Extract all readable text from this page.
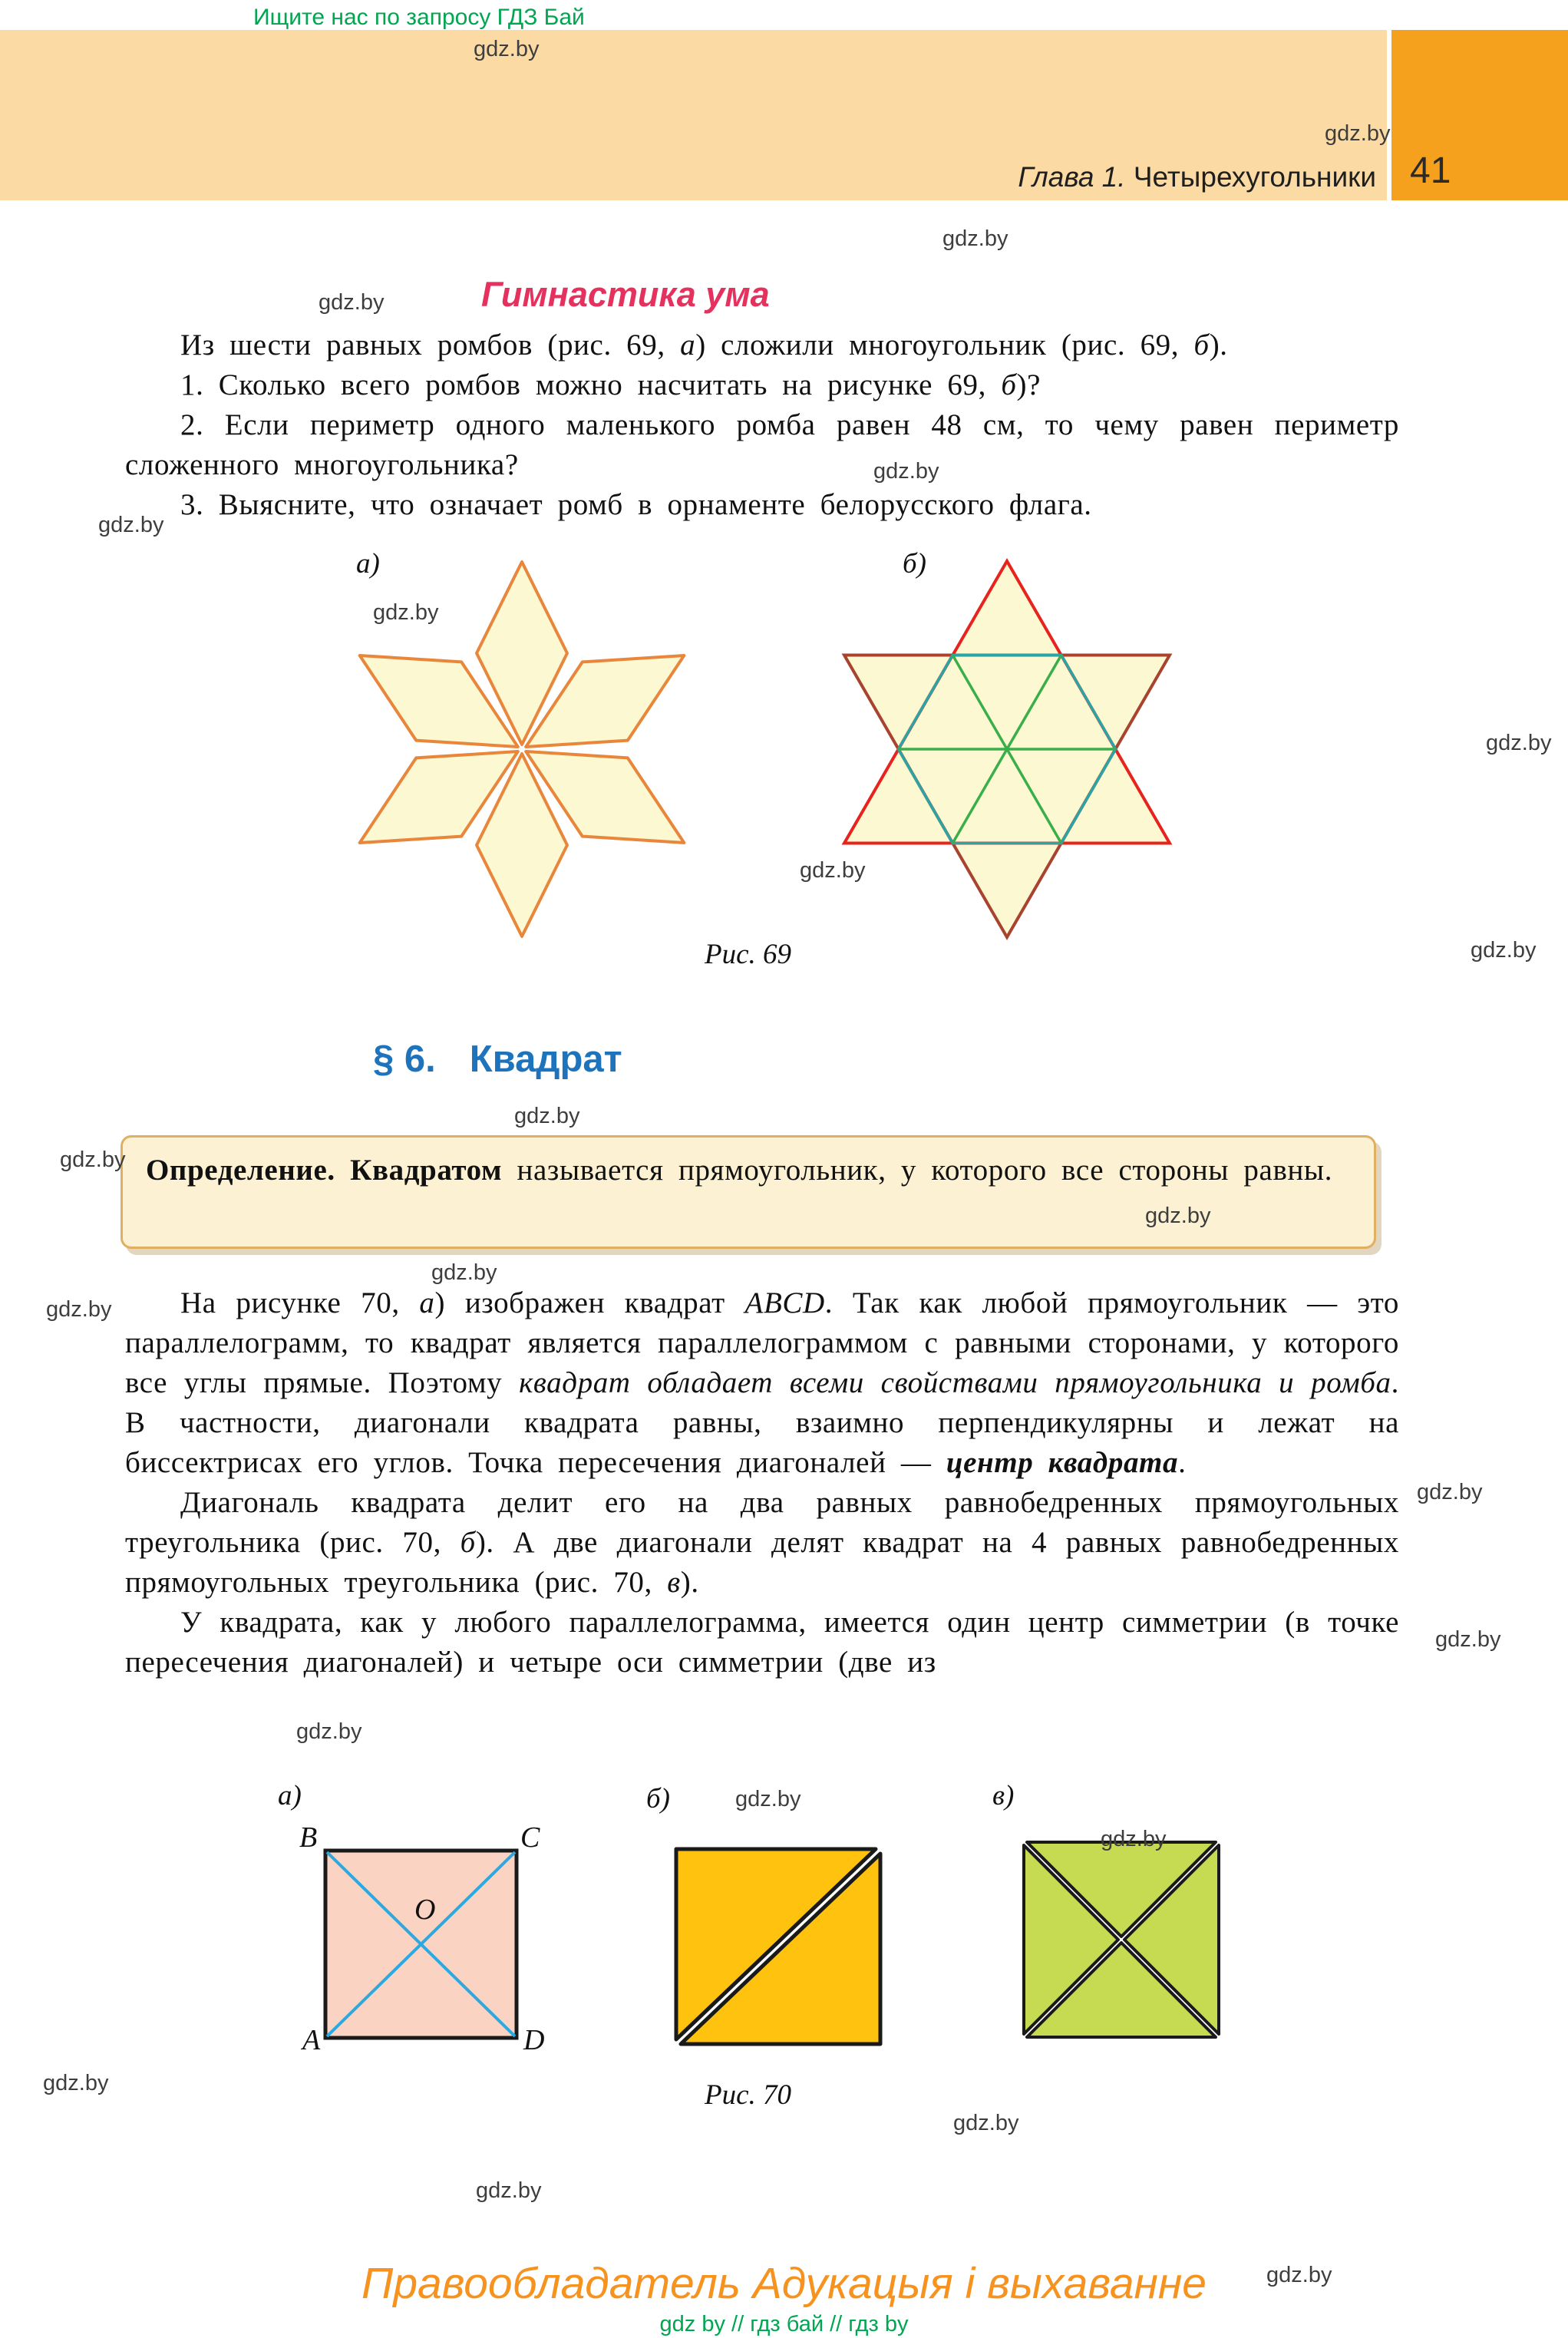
Ищите нас по запросу ГДЗ Бай
41
Глава 1. Четырехугольники
Гимнастика ума

Из шести равных ромбов (рис. 69, а) сложили многоугольник (рис. 69, б).

1. Сколько всего ромбов можно насчитать на рисунке 69, б)?

2. Если периметр одного маленького ромба равен 48 см, то чему равен периметр сложенного многоугольника?

3. Выясните, что означает ромб в орнаменте белорусского флага.

а)	б)
Рис. 69
§ 6. Квадрат

Определение. Квадратом называется прямоугольник, у которого все стороны равны.

На рисунке 70, а) изображен квадрат ABCD. Так как любой прямоугольник — это параллелограмм, то квадрат является параллелограммом с равными сторонами, у которого все углы прямые. Поэтому квадрат обладает всеми свойствами прямоугольника и ромба. В частности, диагонали квадрата равны, взаимно перпендикулярны и лежат на биссектрисах его углов. Точка пересечения диагоналей — центр квадрата.

Диагональ квадрата делит его на два равных равнобедренных прямоугольных треугольника (рис. 70, б). А две диагонали делят квадрат на 4 равных равнобедренных прямоугольных треугольника (рис. 70, в).

У квадрата, как у любого параллелограмма, имеется один центр симметрии (в точке пересечения диагоналей) и четыре оси симметрии (две из

а)	б)	в)
B	C
A	D
O
Рис. 70
Правообладатель Адукацыя і выхаванне
gdz by // гдз бай // гдз by
gdz.by
gdz.by
gdz.by
gdz.by
gdz.by
gdz.by
gdz.by
gdz.by
gdz.by
gdz.by
gdz.by
gdz.by
gdz.by
gdz.by
gdz.by
gdz.by
gdz.by
gdz.by
gdz.by
gdz.by
gdz.by
gdz.by
gdz.by
gdz.by
